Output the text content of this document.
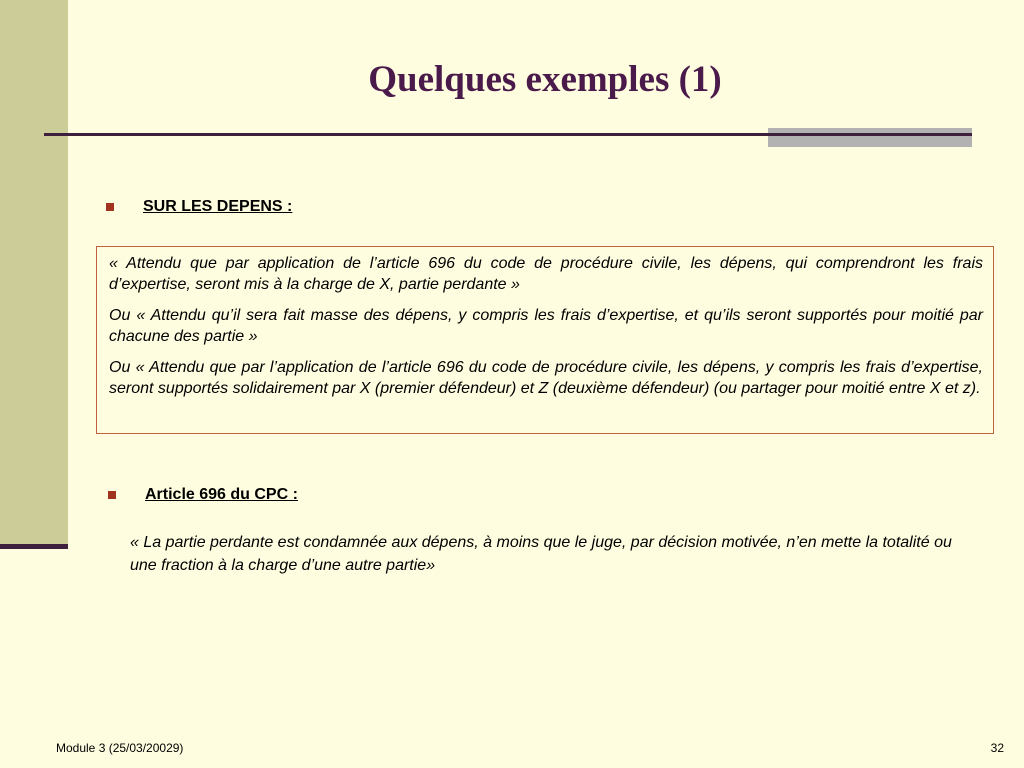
Quelques exemples (1)
SUR LES DEPENS :

« Attendu que par application de l’article 696 du code de procédure civile, les dépens, qui comprendront les frais d’expertise, seront mis à la charge de X, partie perdante »

Ou « Attendu qu’il sera fait masse des dépens, y compris les frais d’expertise, et qu’ils seront supportés pour moitié par chacune des partie »

Ou « Attendu que par l’application de l’article 696 du code de procédure civile, les dépens, y compris les frais d’expertise, seront supportés solidairement par X (premier défendeur) et Z (deuxième défendeur) (ou partager pour moitié entre X et z).

Article 696 du CPC :
« La partie perdante est condamnée aux dépens, à moins que le juge, par décision motivée, n’en mette la totalité ou une fraction à la charge d’une autre partie»
Module 3 (25/03/20029)	32
